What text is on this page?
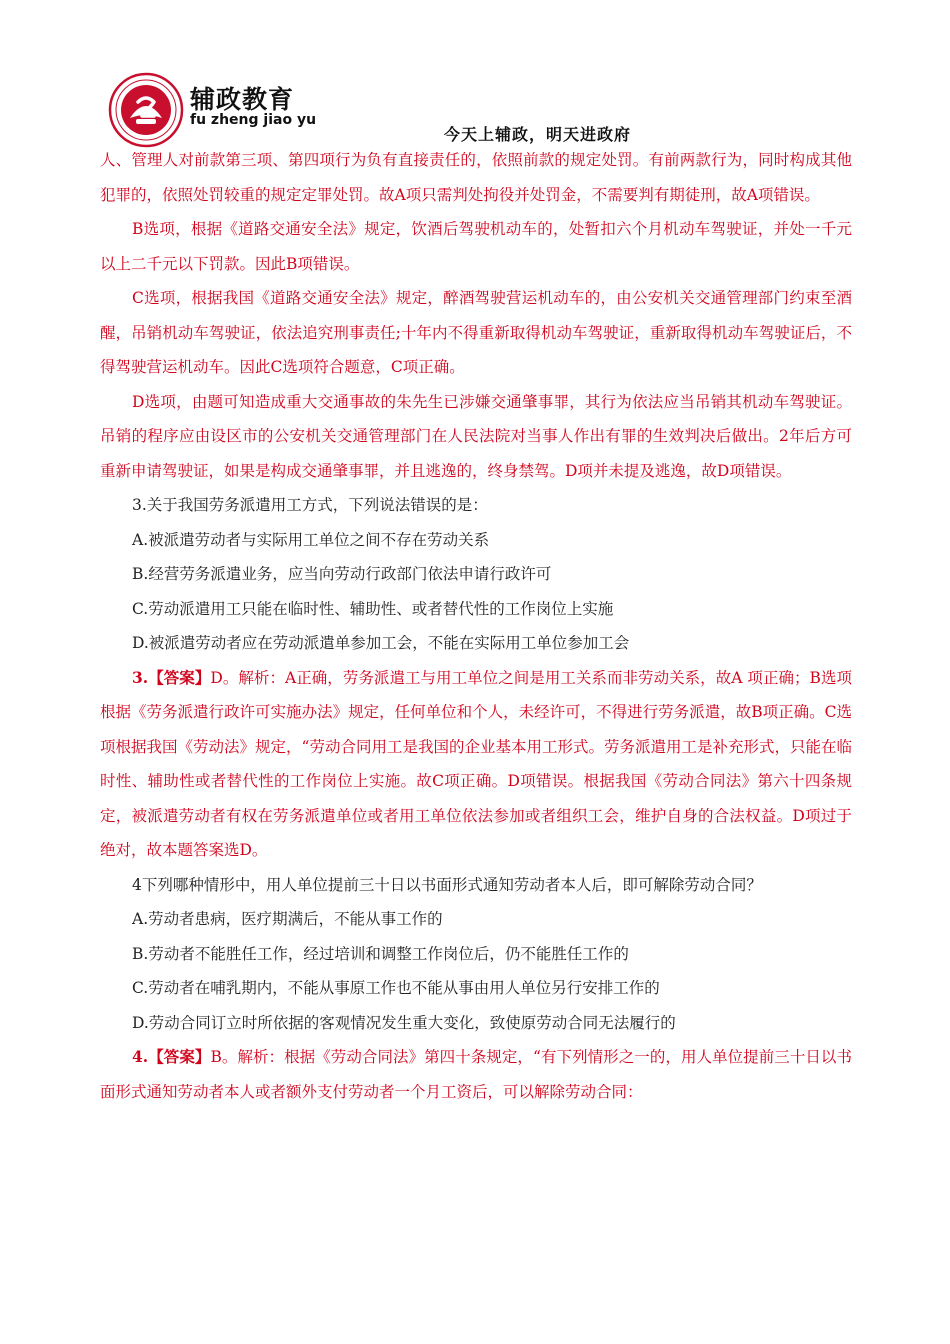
辅政教育
fu zheng jiao yu
今天上辅政，明天进政府

人、管理人对前款第三项、第四项行为负有直接责任的，依照前款的规定处罚。有前两款行为，同时构成其他犯罪的，依照处罚较重的规定定罪处罚。故A项只需判处拘役并处罚金，不需要判有期徒刑，故A项错误。

B选项，根据《道路交通安全法》规定，饮酒后驾驶机动车的，处暂扣六个月机动车驾驶证，并处一千元以上二千元以下罚款。因此B项错误。

C选项，根据我国《道路交通安全法》规定，醉酒驾驶营运机动车的，由公安机关交通管理部门约束至酒醒，吊销机动车驾驶证，依法追究刑事责任;十年内不得重新取得机动车驾驶证，重新取得机动车驾驶证后，不得驾驶营运机动车。因此C选项符合题意，C项正确。

D选项，由题可知造成重大交通事故的朱先生已涉嫌交通肇事罪，其行为依法应当吊销其机动车驾驶证。吊销的程序应由设区市的公安机关交通管理部门在人民法院对当事人作出有罪的生效判决后做出。2年后方可重新申请驾驶证，如果是构成交通肇事罪，并且逃逸的，终身禁驾。D项并未提及逃逸，故D项错误。

3.关于我国劳务派遣用工方式，下列说法错误的是：

A.被派遣劳动者与实际用工单位之间不存在劳动关系

B.经营劳务派遣业务，应当向劳动行政部门依法申请行政许可

C.劳动派遣用工只能在临时性、辅助性、或者替代性的工作岗位上实施

D.被派遣劳动者应在劳动派遣单参加工会，不能在实际用工单位参加工会

3.【答案】D。解析：A正确，劳务派遣工与用工单位之间是用工关系而非劳动关系，故A 项正确；B选项根据《劳务派遣行政许可实施办法》规定，任何单位和个人，未经许可，不得进行劳务派遣，故B项正确。C选项根据我国《劳动法》规定，“劳动合同用工是我国的企业基本用工形式。劳务派遣用工是补充形式，只能在临时性、辅助性或者替代性的工作岗位上实施。故C项正确。D项错误。根据我国《劳动合同法》第六十四条规定，被派遣劳动者有权在劳务派遣单位或者用工单位依法参加或者组织工会，维护自身的合法权益。D项过于绝对，故本题答案选D。

4下列哪种情形中，用人单位提前三十日以书面形式通知劳动者本人后，即可解除劳动合同？

A.劳动者患病，医疗期满后，不能从事工作的

B.劳动者不能胜任工作，经过培训和调整工作岗位后，仍不能胜任工作的

C.劳动者在哺乳期内，不能从事原工作也不能从事由用人单位另行安排工作的

D.劳动合同订立时所依据的客观情况发生重大变化，致使原劳动合同无法履行的

4.【答案】B。解析：根据《劳动合同法》第四十条规定，“有下列情形之一的，用人单位提前三十日以书面形式通知劳动者本人或者额外支付劳动者一个月工资后，可以解除劳动合同：
